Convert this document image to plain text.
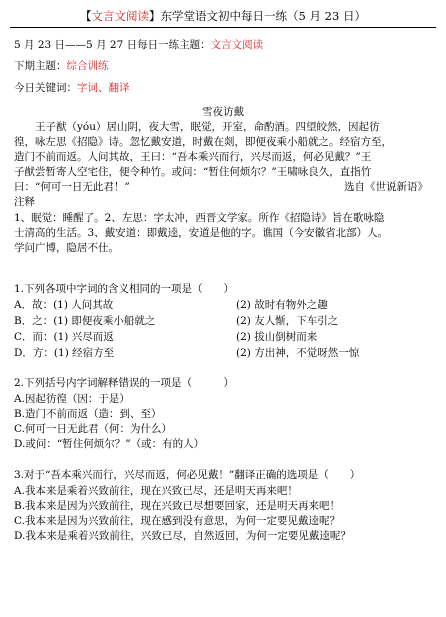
【文言文阅读】东学堂语文初中每日一练（5 月 23 日）
5 月 23 日——5 月 27 日每日一练主题：文言文阅读
下期主题：综合训练
今日关键词：字词、翻译
雪夜访戴
王子猷（yóu）居山阴，夜大雪，眠觉，开室，命酌酒。四望皎然，因起彷
徨，咏左思《招隐》诗。忽忆戴安道，时戴在剡，即便夜乘小船就之。经宿方至，
造门不前而返。人问其故，王曰：“吾本乘兴而行，兴尽而返，何必见戴？”王
子猷尝暂寄人空宅住，便令种竹。或问：“暂住何烦尔？”王啸咏良久，直指竹
曰：“何可一日无此君！”	选自《世说新语》
注释
1、眠觉：睡醒了。2、左思：字太冲，西晋文学家。所作《招隐诗》旨在歌咏隐
士清高的生活。3、戴安道：即戴逵，安道是他的字。谯国（今安徽省北部）人。
学问广博，隐居不仕。
1.下列各项中字词的含义相同的一项是（　　）
A．故：(1) 人问其故	(2) 故时有物外之趣
B．之：(1) 即便夜乘小船就之	(2) 友人惭，下车引之
C．而：(1) 兴尽而返	(2) 拔山倒树而来
D．方：(1) 经宿方至	(2) 方出神，不觉呀然一惊
2.下列括号内字词解释错误的一项是（　　　）
A.因起彷徨（因：于是）
B.造门不前而返（造：到、至）
C.何可一日无此君（何：为什么）
D.或问：“暂住何烦尔？”（或：有的人）
3.对于“吾本乘兴而行，兴尽而返，何必见戴！”翻译正确的选项是（　　）
A.我本来是乘着兴致前往，现在兴致已尽，还是明天再来吧！
B.我本来是因为兴致前往，现在兴致已尽想要回家，还是明天再来吧！
C.我本来是因为兴致前往，现在感到没有意思，为何一定要见戴逵呢？
D.我本来是乘着兴致前往，兴致已尽，自然返回，为何一定要见戴逵呢？
